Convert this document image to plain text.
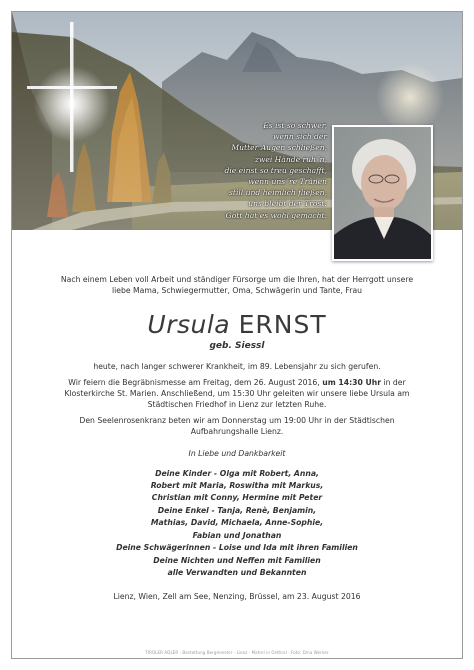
Es ist so schwer,
wenn sich der
Mutter Augen schließen,
zwei Hände ruh´n,
die einst so treu geschafft,
wenn uns´re Tränen
still und heimlich fließen,
uns bleibt der Trost:
Gott hat es wohl gemacht.
Nach einem Leben voll Arbeit und ständiger Fürsorge um die Ihren, hat der Herrgott unsere liebe Mama, Schwiegermutter, Oma, Schwägerin und Tante, Frau
Ursula ERNST
geb. Siessl
heute, nach langer schwerer Krankheit, im 89. Lebensjahr zu sich gerufen.
Wir feiern die Begräbnismesse am Freitag, dem 26. August 2016, um 14:30 Uhr in der Klosterkirche St. Marien. Anschließend, um 15:30 Uhr geleiten wir unsere liebe Ursula am Städtischen Friedhof in Lienz zur letzten Ruhe.
Den Seelenrosenkranz beten wir am Donnerstag um 19:00 Uhr in der Städtischen Aufbahrungshalle Lienz.
In Liebe und Dankbarkeit
Deine Kinder - Olga mit Robert, Anna,
Robert mit Maria, Roswitha mit Markus,
Christian mit Conny, Hermine mit Peter
Deine Enkel - Tanja, Renè, Benjamin,
Mathias, David, Michaela, Anne-Sophie,
Fabian und Jonathan
Deine Schwägerinnen - Loise und Ida mit ihren Familien
Deine Nichten und Neffen mit Familien
alle Verwandten und Bekannten
Lienz, Wien, Zell am See, Nenzing, Brüssel, am 23. August 2016
TIROLER ADLER · Bestattung Bergmeister · Lienz · Matrei in Osttirol · Foto: Dina Werner
